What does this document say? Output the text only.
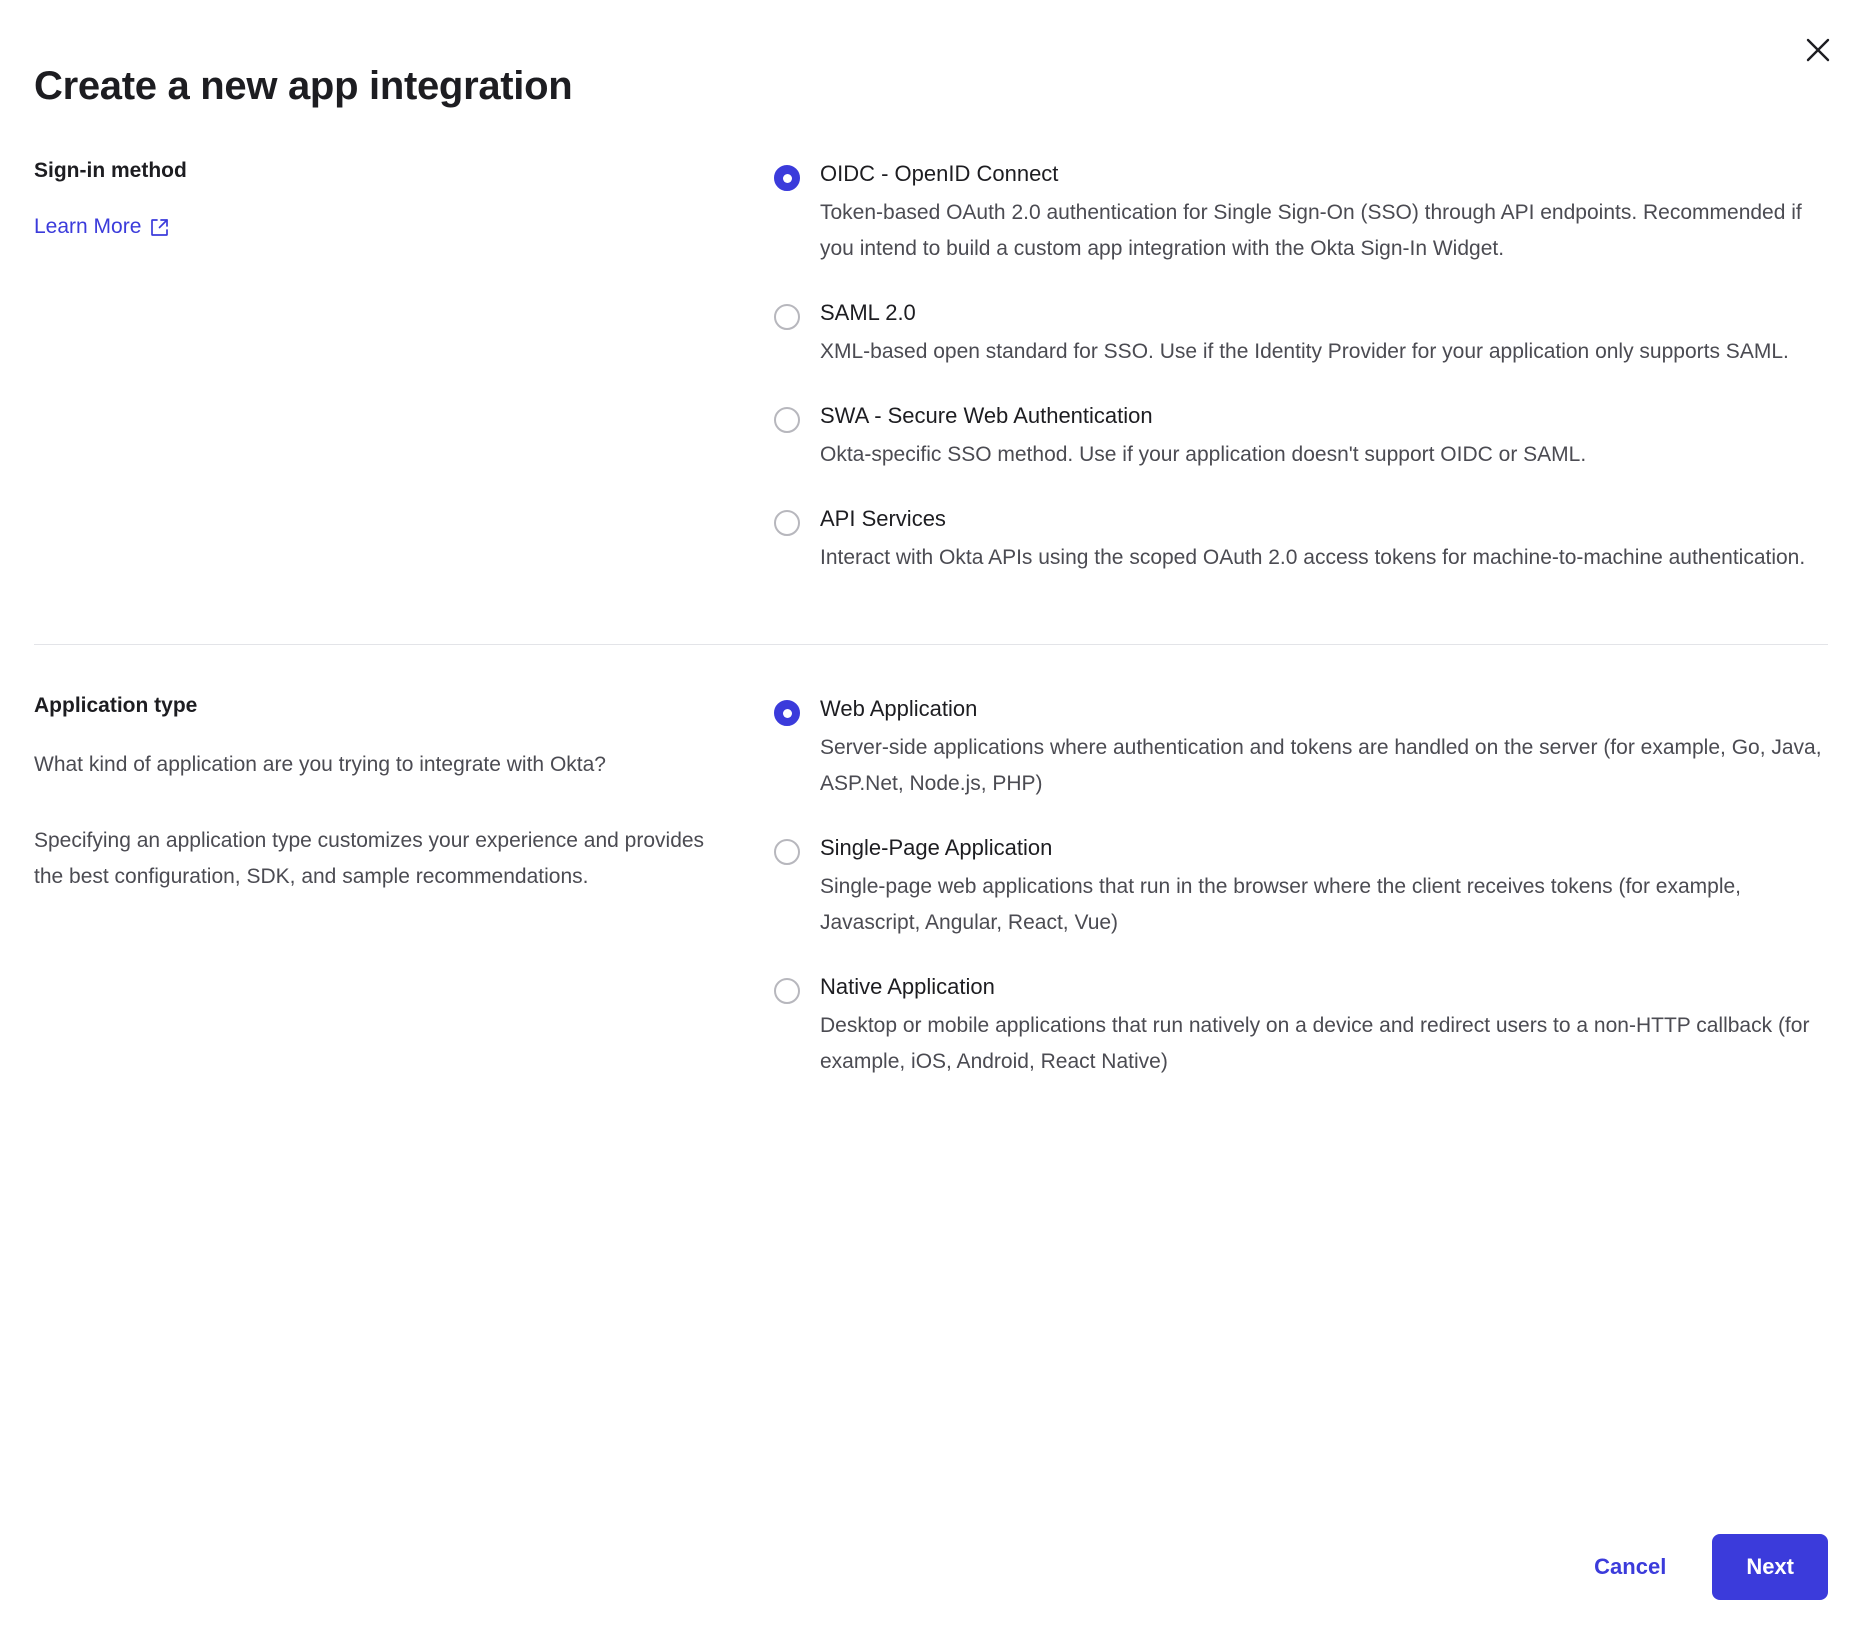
Create a new app integration
Sign-in method
Learn More
OIDC - OpenID Connect
Token-based OAuth 2.0 authentication for Single Sign-On (SSO) through API endpoints. Recommended if you intend to build a custom app integration with the Okta Sign-In Widget.
SAML 2.0
XML-based open standard for SSO. Use if the Identity Provider for your application only supports SAML.
SWA - Secure Web Authentication
Okta-specific SSO method. Use if your application doesn't support OIDC or SAML.
API Services
Interact with Okta APIs using the scoped OAuth 2.0 access tokens for machine-to-machine authentication.
Application type

What kind of application are you trying to integrate with Okta?

Specifying an application type customizes your experience and provides the best configuration, SDK, and sample recommendations.

Web Application
Server-side applications where authentication and tokens are handled on the server (for example, Go, Java, ASP.Net, Node.js, PHP)
Single-Page Application
Single-page web applications that run in the browser where the client receives tokens (for example, Javascript, Angular, React, Vue)
Native Application
Desktop or mobile applications that run natively on a device and redirect users to a non-HTTP callback (for example, iOS, Android, React Native)
Cancel	Next
